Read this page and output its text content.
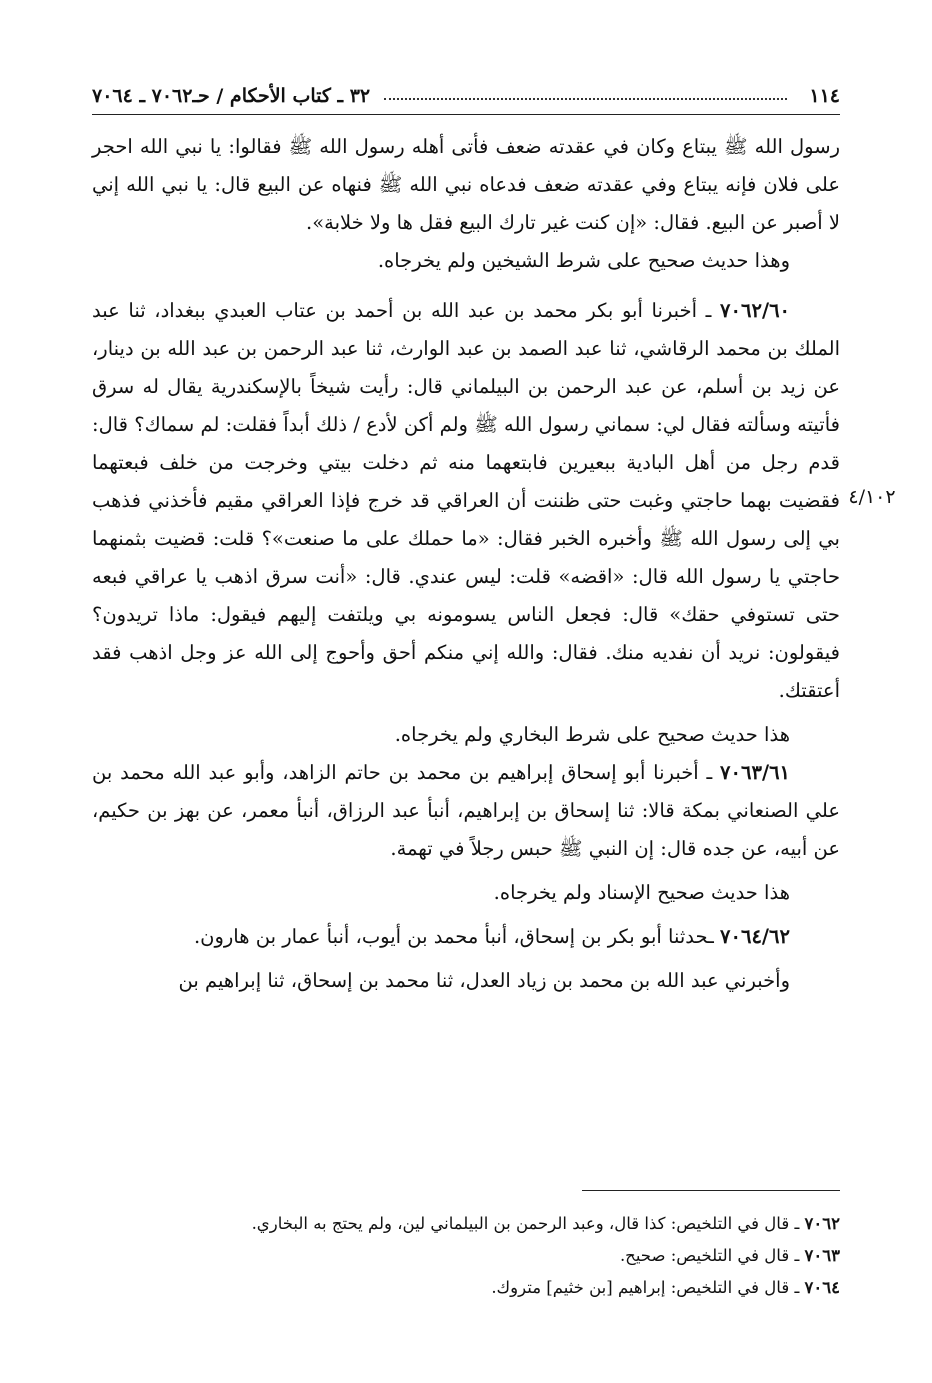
١١٤
٣٢ ـ كتاب الأحكام / حـ٧٠٦٢ ـ ٧٠٦٤
٤/١٠٢

رسول الله ﷺ يبتاع وكان في عقدته ضعف فأتى أهله رسول الله ﷺ فقالوا: يا نبي الله احجر على فلان فإنه يبتاع وفي عقدته ضعف فدعاه نبي الله ﷺ فنهاه عن البيع قال: يا نبي الله إني لا أصبر عن البيع. فقال: «إن كنت غير تارك البيع فقل ها ولا خلابة».

وهذا حديث صحيح على شرط الشيخين ولم يخرجاه.

٧٠٦٢/٦٠ ـ أخبرنا أبو بكر محمد بن عبد الله بن أحمد بن عتاب العبدي ببغداد، ثنا عبد الملك بن محمد الرقاشي، ثنا عبد الصمد بن عبد الوارث، ثنا عبد الرحمن بن عبد الله بن دينار، عن زيد بن أسلم، عن عبد الرحمن بن البيلماني قال: رأيت شيخاً بالإسكندرية يقال له سرق فأتيته وسألته فقال لي: سماني رسول الله ﷺ ولم أكن لأدع / ذلك أبداً فقلت: لم سماك؟ قال: قدم رجل من أهل البادية ببعيرين فابتعهما منه ثم دخلت بيتي وخرجت من خلف فبعتهما فقضيت بهما حاجتي وغبت حتى ظننت أن العراقي قد خرج فإذا العراقي مقيم فأخذني فذهب بي إلى رسول الله ﷺ وأخبره الخبر فقال: «ما حملك على ما صنعت»؟ قلت: قضيت بثمنهما حاجتي يا رسول الله قال: «اقضه» قلت: ليس عندي. قال: «أنت سرق اذهب يا عراقي فبعه حتى تستوفي حقك» قال: فجعل الناس يسومونه بي ويلتفت إليهم فيقول: ماذا تريدون؟ فيقولون: نريد أن نفديه منك. فقال: والله إني منكم أحق وأحوج إلى الله عز وجل اذهب فقد أعتقتك.

هذا حديث صحيح على شرط البخاري ولم يخرجاه.

٧٠٦٣/٦١ ـ أخبرنا أبو إسحاق إبراهيم بن محمد بن حاتم الزاهد، وأبو عبد الله محمد بن علي الصنعاني بمكة قالا: ثنا إسحاق بن إبراهيم، أنبأ عبد الرزاق، أنبأ معمر، عن بهز بن حكيم، عن أبيه، عن جده قال: إن النبي ﷺ حبس رجلاً في تهمة.

هذا حديث صحيح الإسناد ولم يخرجاه.

٧٠٦٤/٦٢ ـحدثنا أبو بكر بن إسحاق، أنبأ محمد بن أيوب، أنبأ عمار بن هارون.

وأخبرني عبد الله بن محمد بن زياد العدل، ثنا محمد بن إسحاق، ثنا إبراهيم بن

٧٠٦٢ ـ قال في التلخيص: كذا قال، وعبد الرحمن بن البيلماني لين، ولم يحتج به البخاري.

٧٠٦٣ ـ قال في التلخيص: صحيح.

٧٠٦٤ ـ قال في التلخيص: إبراهيم [بن خثيم] متروك.
